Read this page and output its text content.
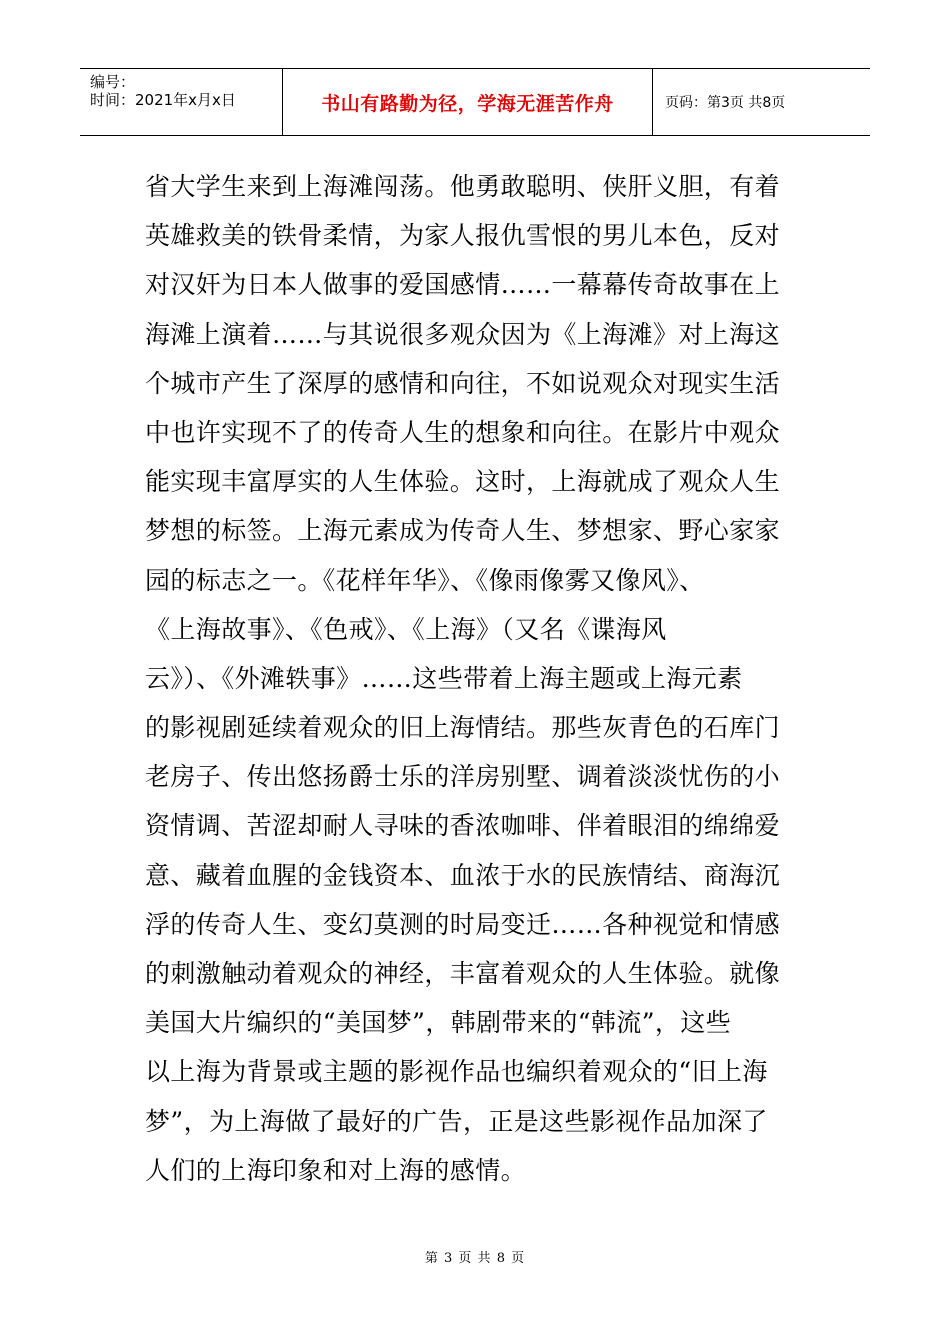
编号：
时间：2021年x月x日	书山有路勤为径，学海无涯苦作舟	页码：第3页 共8页
省大学生来到上海滩闯荡。他勇敢聪明、侠肝义胆，有着
英雄救美的铁骨柔情，为家人报仇雪恨的男儿本色，反对
对汉奸为日本人做事的爱国感情……一幕幕传奇故事在上
海滩上演着……与其说很多观众因为《上海滩》对上海这
个城市产生了深厚的感情和向往，不如说观众对现实生活
中也许实现不了的传奇人生的想象和向往。在影片中观众
能实现丰富厚实的人生体验。这时，上海就成了观众人生
梦想的标签。上海元素成为传奇人生、梦想家、野心家家
园的标志之一。《花样年华》、《像雨像雾又像风》、
《上海故事》、《色戒》、《上海》（又名《谍海风
云》）、《外滩轶事》……这些带着上海主题或上海元素
的影视剧延续着观众的旧上海情结。那些灰青色的石库门
老房子、传出悠扬爵士乐的洋房别墅、调着淡淡忧伤的小
资情调、苦涩却耐人寻味的香浓咖啡、伴着眼泪的绵绵爱
意、藏着血腥的金钱资本、血浓于水的民族情结、商海沉
浮的传奇人生、变幻莫测的时局变迁……各种视觉和情感
的刺激触动着观众的神经，丰富着观众的人生体验。就像
美国大片编织的“美国梦”，韩剧带来的“韩流”，这些
以上海为背景或主题的影视作品也编织着观众的“旧上海
梦”，为上海做了最好的广告，正是这些影视作品加深了
人们的上海印象和对上海的感情。
第 3 页 共 8 页
